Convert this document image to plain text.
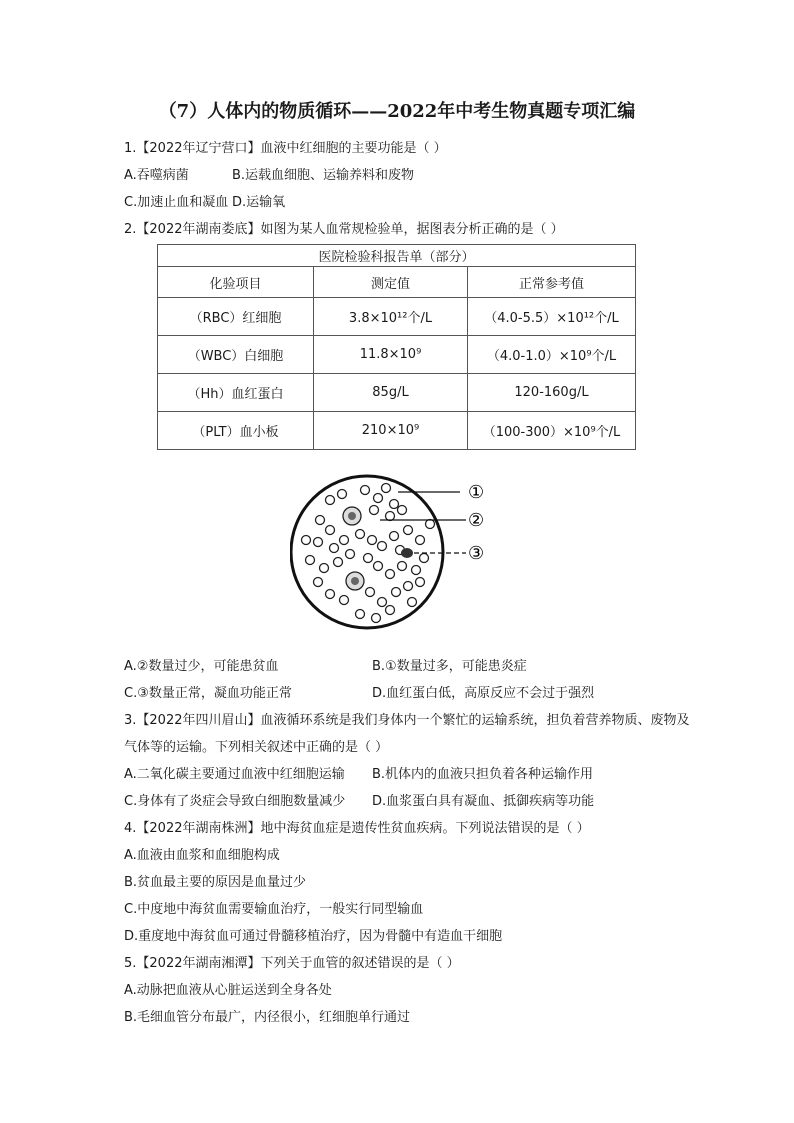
（7）人体内的物质循环——2022年中考生物真题专项汇编
1.【2022年辽宁营口】血液中红细胞的主要功能是（ ）
A.吞噬病菌	B.运载血细胞、运输养料和废物
C.加速止血和凝血 D.运输氧
2.【2022年湖南娄底】如图为某人血常规检验单，据图表分析正确的是（ ）
医院检验科报告单（部分）		
化验项目	测定值	正常参考值
（RBC）红细胞	3.8×10¹²个/L	（4.0-5.5）×10¹²个/L
（WBC）白细胞	11.8×10⁹	（4.0-1.0）×10⁹个/L
（Hh）血红蛋白	85g/L	120-160g/L
（PLT）血小板	210×10⁹	（100-300）×10⁹个/L
①
②
③
A.②数量过少，可能患贫血	B.①数量过多，可能患炎症
C.③数量正常，凝血功能正常	D.血红蛋白低，高原反应不会过于强烈
3.【2022年四川眉山】血液循环系统是我们身体内一个繁忙的运输系统，担负着营养物质、废物及
气体等的运输。下列相关叙述中正确的是（ ）
A.二氧化碳主要通过血液中红细胞运输 B.机体内的血液只担负着各种运输作用
C.身体有了炎症会导致白细胞数量减少 D.血浆蛋白具有凝血、抵御疾病等功能
4.【2022年湖南株洲】地中海贫血症是遗传性贫血疾病。下列说法错误的是（ ）
A.血液由血浆和血细胞构成
B.贫血最主要的原因是血量过少
C.中度地中海贫血需要输血治疗，一般实行同型输血
D.重度地中海贫血可通过骨髓移植治疗，因为骨髓中有造血干细胞
5.【2022年湖南湘潭】下列关于血管的叙述错误的是（ ）
A.动脉把血液从心脏运送到全身各处
B.毛细血管分布最广，内径很小，红细胞单行通过
